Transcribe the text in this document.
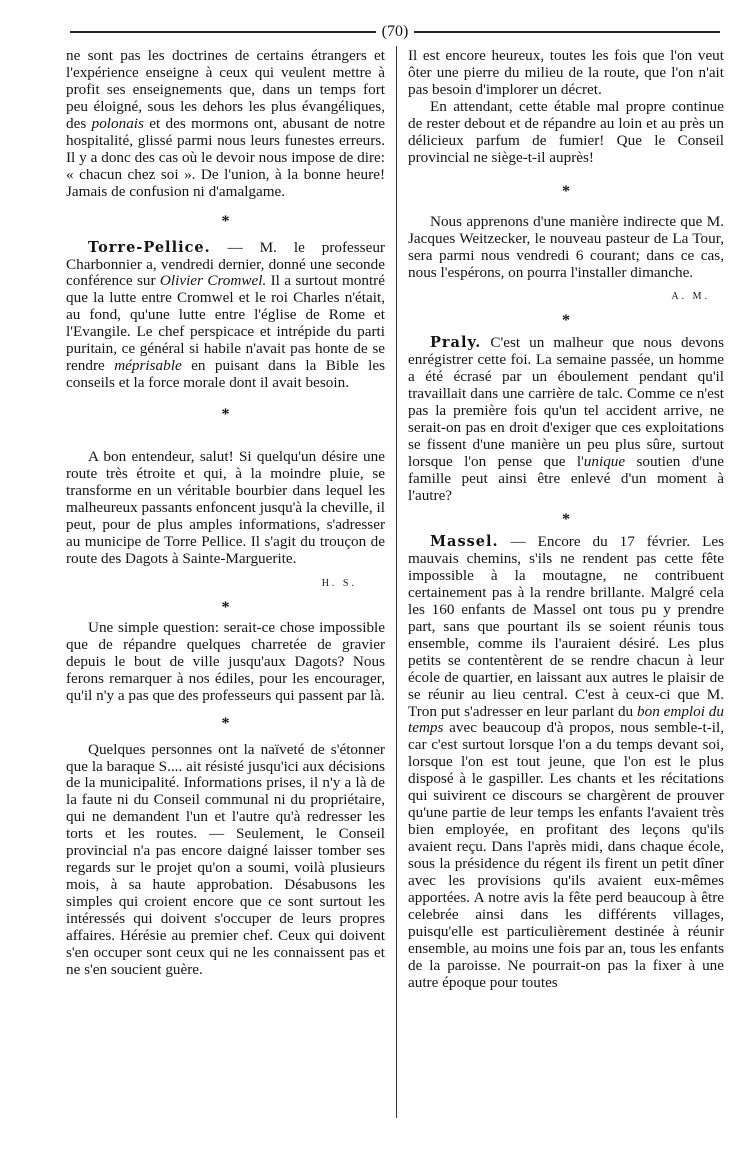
(70)

ne sont pas les doctrines de certains étrangers et l'expérience enseigne à ceux qui veulent mettre à profit ses enseignements que, dans un temps fort peu éloigné, sous les dehors les plus évangéliques, des polonais et des mormons ont, abusant de notre hospitalité, glissé parmi nous leurs funestes erreurs. Il y a donc des cas où le devoir nous impose de dire: « chacun chez soi ». De l'union, à la bonne heure! Jamais de confusion ni d'amalgame.

*

Torre-Pellice. — M. le professeur Charbonnier a, vendredi dernier, donné une seconde conférence sur Olivier Cromwel. Il a surtout montré que la lutte entre Cromwel et le roi Charles n'était, au fond, qu'une lutte entre l'église de Rome et l'Evangile. Le chef perspicace et intrépide du parti puritain, ce général si habile n'avait pas honte de se rendre méprisable en puisant dans la Bible les conseils et la force morale dont il avait besoin.

*

A bon entendeur, salut! Si quelqu'un désire une route très étroite et qui, à la moindre pluie, se transforme en un véritable bourbier dans lequel les malheureux passants enfoncent jusqu'à la cheville, il peut, pour de plus amples informations, s'adresser au municipe de Torre Pellice. Il s'agit du trouçon de route des Dagots à Sainte-Marguerite.

H. S.
*

Une simple question: serait-ce chose impossible que de répandre quelques charretée de gravier depuis le bout de ville jusqu'aux Dagots? Nous ferons remarquer à nos édiles, pour les encourager, qu'il n'y a pas que des professeurs qui passent par là.

*

Quelques personnes ont la naïveté de s'étonner que la baraque S.... ait résisté jusqu'ici aux décisions de la municipalité. Informations prises, il n'y a là de la faute ni du Conseil communal ni du propriétaire, qui ne demandent l'un et l'autre qu'à redresser les torts et les routes. — Seulement, le Conseil provincial n'a pas encore daigné laisser tomber ses regards sur le projet qu'on a soumi, voilà plusieurs mois, à sa haute approbation. Désabusons les simples qui croient encore que ce sont surtout les intéressés qui doivent s'occuper de leurs propres affaires. Hérésie au premier chef. Ceux qui doivent s'en occuper sont ceux qui ne les connaissent pas et ne s'en soucient guère.

Il est encore heureux, toutes les fois que l'on veut ôter une pierre du milieu de la route, que l'on n'ait pas besoin d'implorer un décret.

En attendant, cette étable mal propre continue de rester debout et de répandre au loin et au près un délicieux parfum de fumier! Que le Conseil provincial ne siège-t-il auprès!

*

Nous apprenons d'une manière indirecte que M. Jacques Weitzecker, le nouveau pasteur de La Tour, sera parmi nous vendredi 6 courant; dans ce cas, nous l'espérons, on pourra l'installer dimanche.

A. M.
*

Praly. C'est un malheur que nous devons enrégistrer cette foi. La semaine passée, un homme a été écrasé par un éboulement pendant qu'il travaillait dans une carrière de talc. Comme ce n'est pas la première fois qu'un tel accident arrive, ne serait-on pas en droit d'exiger que ces exploitations se fissent d'une manière un peu plus sûre, surtout lorsque l'on pense que l'unique soutien d'une famille peut ainsi être enlevé d'un moment à l'autre?

*

Massel. — Encore du 17 février. Les mauvais chemins, s'ils ne rendent pas cette fête impossible à la moutagne, ne contribuent certainement pas à la rendre brillante. Malgré cela les 160 enfants de Massel ont tous pu y prendre part, sans que pourtant ils se soient réunis tous ensemble, comme ils l'auraient désiré. Les plus petits se contentèrent de se rendre chacun à leur école de quartier, en laissant aux autres le plaisir de se réunir au lieu central. C'est à ceux-ci que M. Tron put s'adresser en leur parlant du bon emploi du temps avec beaucoup d'à propos, nous semble-t-il, car c'est surtout lorsque l'on a du temps devant soi, lorsque l'on est tout jeune, que l'on est le plus disposé à le gaspiller. Les chants et les récitations qui suivirent ce discours se chargèrent de prouver qu'une partie de leur temps les enfants l'avaient très bien employée, en profitant des leçons qu'ils avaient reçu. Dans l'après midi, dans chaque école, sous la présidence du régent ils firent un petit dîner avec les provisions qu'ils avaient eux-mêmes apportées. A notre avis la fête perd beaucoup à être celebrée ainsi dans les différents villages, puisqu'elle est particulièrement destinée à réunir ensemble, au moins une fois par an, tous les enfants de la paroisse. Ne pourrait-on pas la fixer à une autre époque pour toutes
